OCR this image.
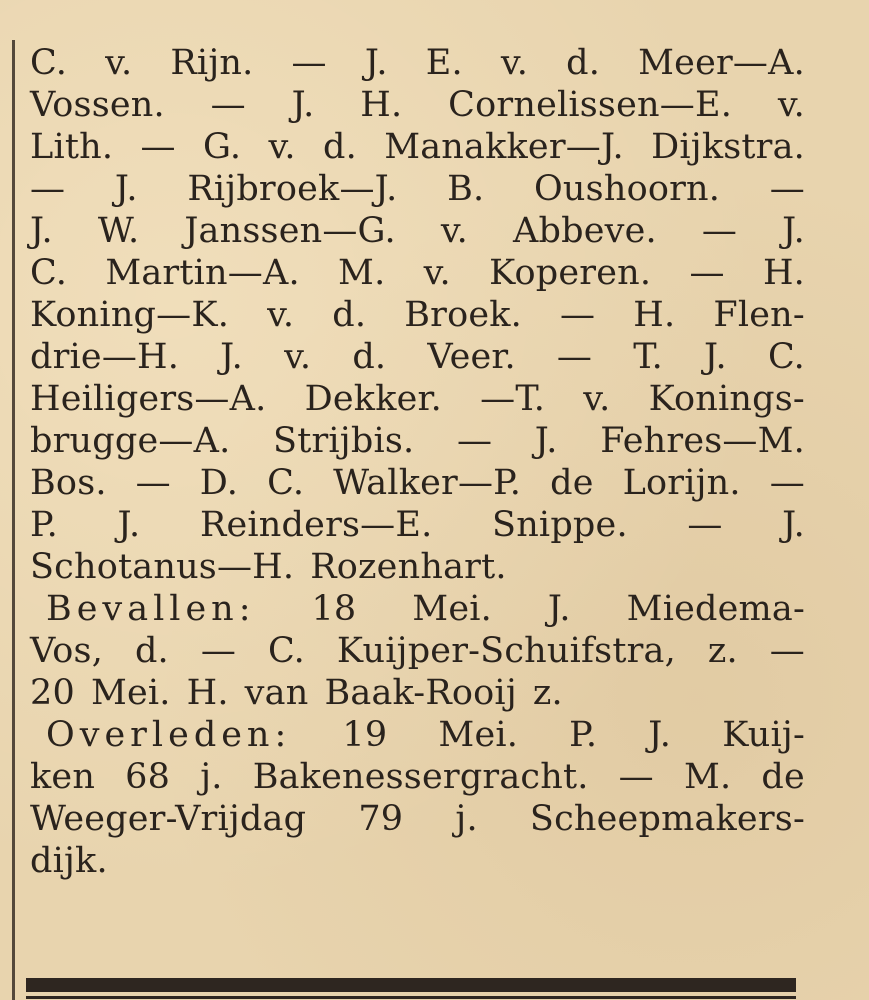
C. v. Rijn. — J. E. v. d. Meer—A.
Vossen. — J. H. Cornelissen—E. v.
Lith. — G. v. d. Manakker—J. Dijkstra.
— J. Rijbroek—J. B. Oushoorn. —
J. W. Janssen—G. v. Abbeve. — J.
C. Martin—A. M. v. Koperen. — H.
Koning—K. v. d. Broek. — H. Flen-
drie—H. J. v. d. Veer. — T. J. C.
Heiligers—A. Dekker. —T. v. Konings-
brugge—A. Strijbis. — J. Fehres—M.
Bos. — D. C. Walker—P. de Lorijn. —
P. J. Reinders—E. Snippe. — J.
Schotanus—H. Rozenhart.
Bevallen: 18 Mei. J. Miedema-
Vos, d. — C. Kuijper-Schuifstra, z. —
20 Mei. H. van Baak-Rooij z.
Overleden: 19 Mei. P. J. Kuij-
ken 68 j. Bakenessergracht. — M. de
Weeger-Vrijdag 79 j. Scheepmakers-
dijk.
